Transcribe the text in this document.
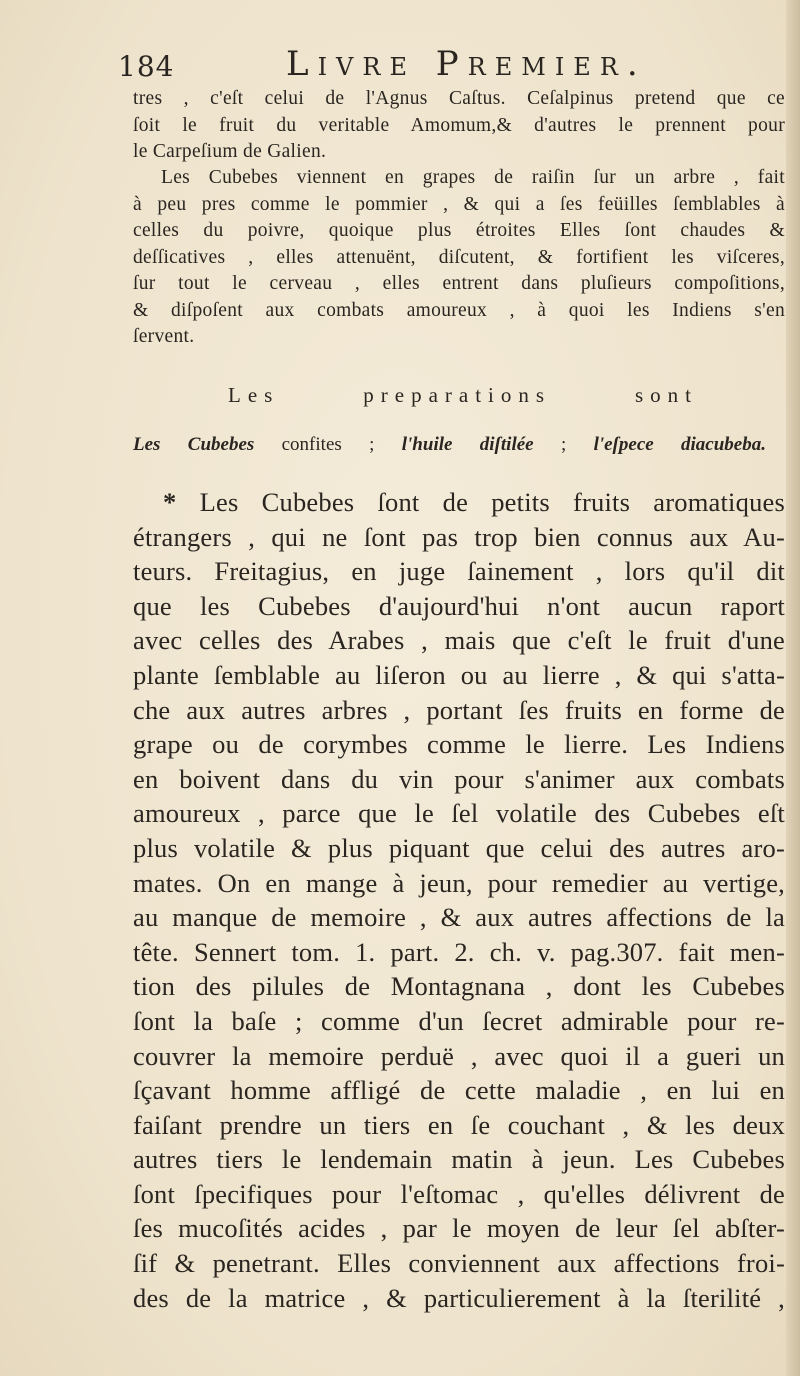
184	Livre Premier.

tres , c'eſt celui de l'Agnus Caſtus. Ceſalpinus pretend que ce

ſoit le fruit du veritable Amomum,& d'autres le prennent pour

le Carpeſium de Galien.

Les Cubebes viennent en grapes de raiſin ſur un arbre , fait

à peu pres comme le pommier , & qui a ſes feüilles ſemblables à

celles du poivre, quoique plus étroites Elles ſont chaudes &

deſſicatives , elles attenuënt, diſcutent, & fortifient les viſceres,

ſur tout le cerveau , elles entrent dans pluſieurs compoſitions,

& diſpoſent aux combats amoureux , à quoi les Indiens s'en

ſervent.

Les preparations sont
Les Cubebes confites ; l'huile diſtilée ; l'eſpece diacubeba.

* Les Cubebes ſont de petits fruits aromatiques

étrangers , qui ne ſont pas trop bien connus aux Au-

teurs. Freitagius, en juge ſainement , lors qu'il dit

que les Cubebes d'aujourd'hui n'ont aucun raport

avec celles des Arabes , mais que c'eſt le fruit d'une

plante ſemblable au liſeron ou au lierre , & qui s'atta-

che aux autres arbres , portant ſes fruits en forme de

grape ou de corymbes comme le lierre. Les Indiens

en boivent dans du vin pour s'animer aux combats

amoureux , parce que le ſel volatile des Cubebes eſt

plus volatile & plus piquant que celui des autres aro-

mates. On en mange à jeun, pour remedier au vertige,

au manque de memoire , & aux autres affections de la

tête. Sennert tom. 1. part. 2. ch. v. pag.307. fait men-

tion des pilules de Montagnana , dont les Cubebes

ſont la baſe ; comme d'un ſecret admirable pour re-

couvrer la memoire perduë , avec quoi il a gueri un

ſçavant homme affligé de cette maladie , en lui en

faiſant prendre un tiers en ſe couchant , & les deux

autres tiers le lendemain matin à jeun. Les Cubebes

ſont ſpecifiques pour l'eſtomac , qu'elles délivrent de

ſes mucoſités acides , par le moyen de leur ſel abſter-

ſif & penetrant. Elles conviennent aux affections froi-

des de la matrice , & particulierement à la ſterilité ,
